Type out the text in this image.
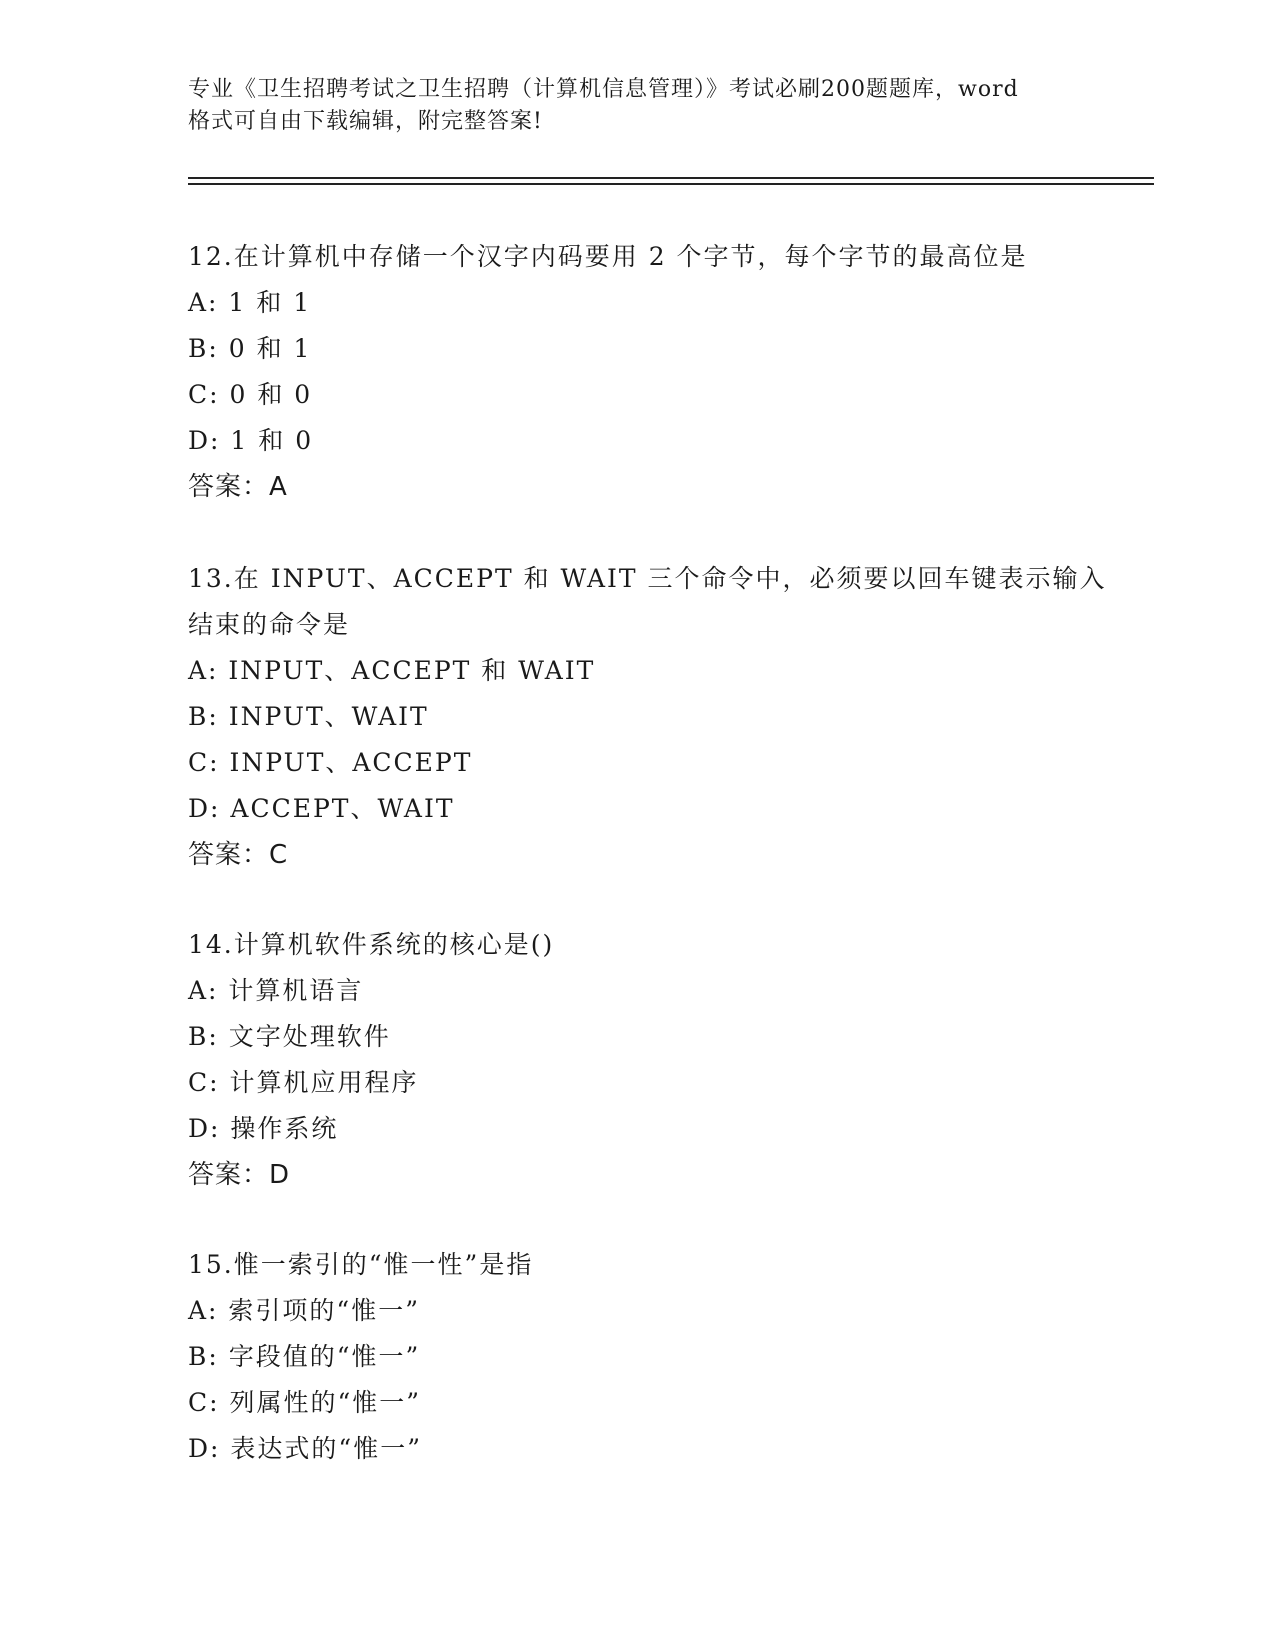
专业《卫生招聘考试之卫生招聘（计算机信息管理）》考试必刷200题题库，word
格式可自由下载编辑，附完整答案!
12.在计算机中存储一个汉字内码要用 2 个字节，每个字节的最高位是
A: 1 和 1
B: 0 和 1
C: 0 和 0
D: 1 和 0
答案：A
13.在 INPUT、ACCEPT 和 WAIT 三个命令中，必须要以回车键表示输入
结束的命令是
A: INPUT、ACCEPT 和 WAIT
B: INPUT、WAIT
C: INPUT、ACCEPT
D: ACCEPT、WAIT
答案：C
14.计算机软件系统的核心是()
A: 计算机语言
B: 文字处理软件
C: 计算机应用程序
D: 操作系统
答案：D
15.惟一索引的“惟一性”是指
A: 索引项的“惟一”
B: 字段值的“惟一”
C: 列属性的“惟一”
D: 表达式的“惟一”
